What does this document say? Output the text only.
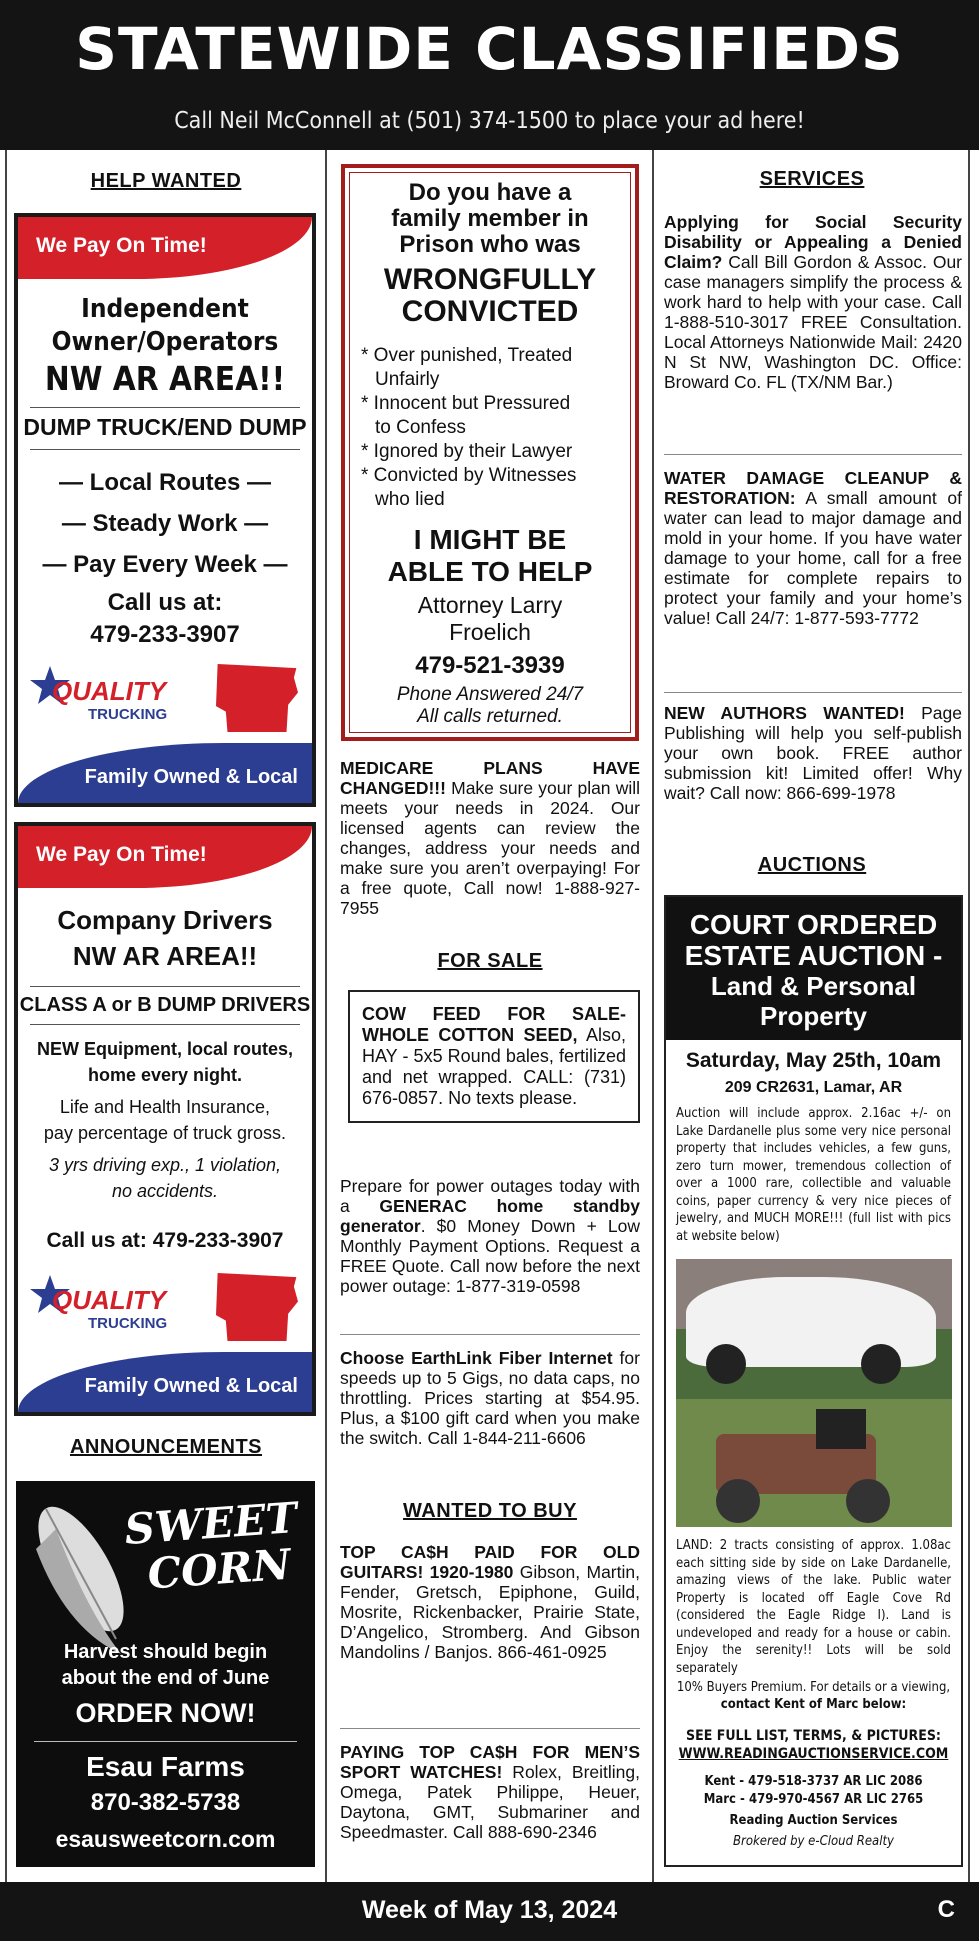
STATEWIDE CLASSIFIEDS
Call Neil McConnell at (501) 374-1500 to place your ad here!
HELP WANTED
We Pay On Time!
Independent
Owner/Operators
NW AR AREA!!
DUMP TRUCK/END DUMP
— Local Routes —
— Steady Work —
— Pay Every Week —
Call us at:
479-233-3907
QUALITY
TRUCKING
Family Owned & Local
We Pay On Time!
Company Drivers
NW AR AREA!!
CLASS A or B DUMP DRIVERS
NEW Equipment, local routes,
home every night.
Life and Health Insurance,
pay percentage of truck gross.
3 yrs driving exp., 1 violation,
no accidents.
Call us at: 479-233-3907
QUALITY
TRUCKING
Family Owned & Local
ANNOUNCEMENTS
SWEET
CORN
Harvest should begin
about the end of June
ORDER NOW!
Esau Farms
870-382-5738
esausweetcorn.com
Do you have a
family member in
Prison who was
WRONGFULLY
CONVICTED
* Over punished, Treated
Unfairly
* Innocent but Pressured
to Confess
* Ignored by their Lawyer
* Convicted by Witnesses
who lied
I MIGHT BE
ABLE TO HELP
Attorney Larry
Froelich
479-521-3939
Phone Answered 24/7
All calls returned.
MEDICARE PLANS HAVE CHANGED!!! Make sure your plan will meets your needs in 2024. Our licensed agents can review the changes, address your needs and make sure you aren’t overpaying! For a free quote, Call now! 1-888-927-7955
FOR SALE
COW FEED FOR SALE-WHOLE COTTON SEED, Also, HAY - 5x5 Round bales, fertilized and net wrapped. CALL: (731) 676-0857. No texts please.
Prepare for power outages today with a GENERAC home standby generator. $0 Money Down + Low Monthly Payment Options. Request a FREE Quote. Call now before the next power outage: 1-877-319-0598
Choose EarthLink Fiber Internet for speeds up to 5 Gigs, no data caps, no throttling. Prices starting at $54.95. Plus, a $100 gift card when you make the switch. Call 1-844-211-6606
WANTED TO BUY
TOP CA$H PAID FOR OLD GUITARS! 1920-1980 Gibson, Martin, Fender, Gretsch, Epiphone, Guild, Mosrite, Rickenbacker, Prairie State, D’Angelico, Stromberg. And Gibson Mandolins / Banjos. 866-461-0925
PAYING TOP CA$H FOR MEN’S SPORT WATCHES! Rolex, Breitling, Omega, Patek Philippe, Heuer, Daytona, GMT, Submariner and Speedmaster. Call 888-690-2346
SERVICES
Applying for Social Security Disability or Appealing a Denied Claim? Call Bill Gordon & Assoc. Our case managers simplify the process & work hard to help with your case. Call 1-888-510-3017 FREE Consultation. Local Attorneys Nationwide Mail: 2420 N St NW, Washington DC. Office: Broward Co. FL (TX/NM Bar.)
WATER DAMAGE CLEANUP & RESTORATION: A small amount of water can lead to major damage and mold in your home. If you have water damage to your home, call for a free estimate for complete repairs to protect your family and your home’s value! Call 24/7: 1-877-593-7772
NEW AUTHORS WANTED! Page Publishing will help you self-publish your own book. FREE author submission kit! Limited offer! Why wait? Call now: 866-699-1978
AUCTIONS
COURT ORDERED
ESTATE AUCTION -
Land & Personal
Property
Saturday, May 25th, 10am
209 CR2631, Lamar, AR
Auction will include approx. 2.16ac +/- on Lake Dardanelle plus some very nice personal property that includes vehicles, a few guns, zero turn mower, tremendous collection of over a 1000 rare, collectible and valuable coins, paper currency & very nice pieces of jewelry, and MUCH MORE!!! (full list with pics at website below)
LAND: 2 tracts consisting of approx. 1.08ac each sitting side by side on Lake Dardanelle, amazing views of the lake. Public water Property is located off Eagle Cove Rd (considered the Eagle Ridge I). Land is undeveloped and ready for a house or cabin. Enjoy the serenity!! Lots will be sold separately
10% Buyers Premium. For details or a viewing,
contact Kent of Marc below:
SEE FULL LIST, TERMS, & PICTURES:
WWW.READINGAUCTIONSERVICE.COM
Kent - 479-518-3737 AR LIC 2086
Marc - 479-970-4567 AR LIC 2765
Reading Auction Services
Brokered by e-Cloud Realty
Week of May 13, 2024	C
